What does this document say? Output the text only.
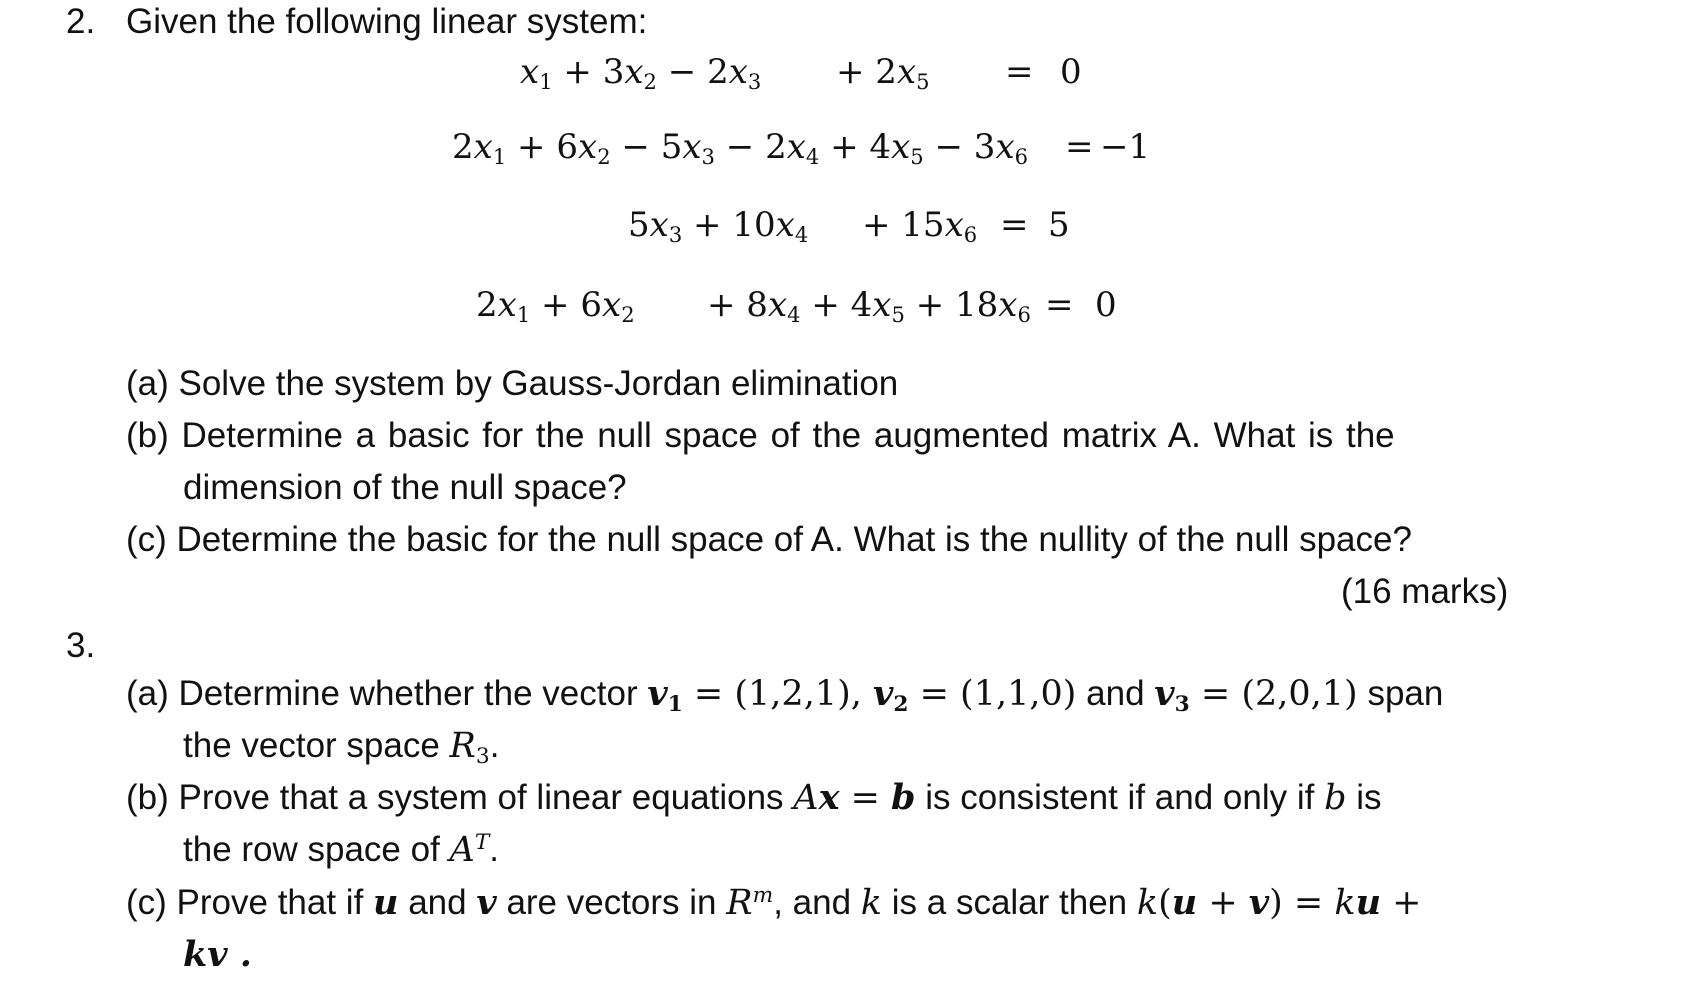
2. Given the following linear system:
$x_1 + 3x_2 - 2x_3 + 2x_5 = 0$
$2x_1 + 6x_2 - 5x_3 - 2x_4 + 4x_5 - 3x_6 = -1$
$5x_3 + 10x_4 + 15x_6 = 5$
$2x_1 + 6x_2 + 8x_4 + 4x_5 + 18x_6 = 0$
(a) Solve the system by Gauss-Jordan elimination
(b) Determine a basic for the null space of the augmented matrix A. What is the
dimension of the null space?
(c) Determine the basic for the null space of A. What is the nullity of the null space?
(16 marks)
3.
(a) Determine whether the vector $v_1 = (1,2,1)$, $v_2 = (1,1,0)$ and $v_3 = (2,0,1)$ span
the vector space $R_3$.
(b) Prove that a system of linear equations Ax = b is consistent if and only if b is
the row space of $A^T$.
(c) Prove that if u and v are vectors in $R^m$, and k is a scalar then k(u + v) = ku +
kv .
